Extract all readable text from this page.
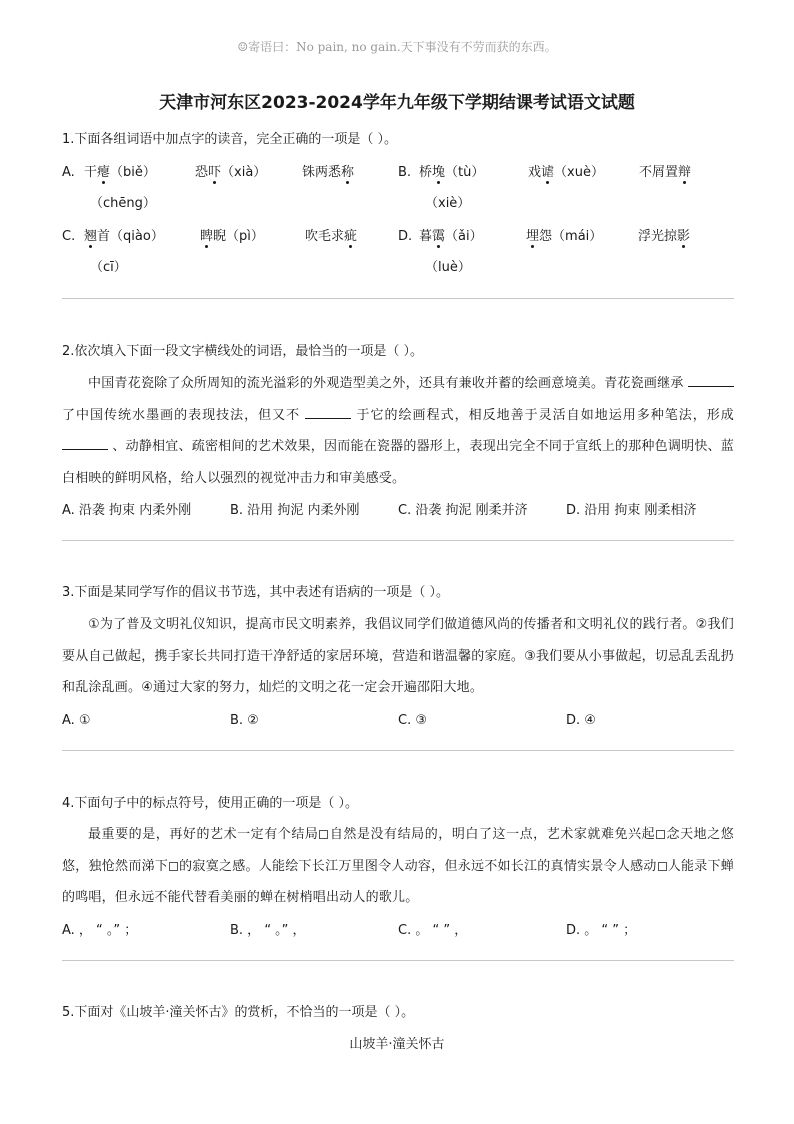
☺寄语曰：No pain, no gain.天下事没有不劳而获的东西。
天津市河东区2023-2024学年九年级下学期结课考试语文试题
1.下面各组词语中加点字的读音，完全正确的一项是（ ）。
A. 干瘪（biě）	恐吓（xià）	铢两悉称
（chēng）
B. 桥堍（tù）	戏谑（xuè）	不屑置辩
（xiè）
C. 翘首（qiào）	睥睨（pì）	吹毛求疵
（cī）
D. 暮霭（ǎi）	埋怨（mái）	浮光掠影
（luè）
2.依次填入下面一段文字横线处的词语，最恰当的一项是（ ）。
中国青花瓷除了众所周知的流光溢彩的外观造型美之外，还具有兼收并蓄的绘画意境美。青花瓷画继承  了中国传统水墨画的表现技法，但又不	于它的绘画程式，相反地善于灵活自如地运用多种笔法，形成  、动静相宜、疏密相间的艺术效果，因而能在瓷器的器形上，表现出完全不同于宣纸上的那种色调明快、蓝白相映的鲜明风格，给人以强烈的视觉冲击力和审美感受。
A. 沿袭 拘束 内柔外刚	B. 沿用 拘泥 内柔外刚	C. 沿袭 拘泥 刚柔并济	D. 沿用 拘束 刚柔相济
3.下面是某同学写作的倡议书节选，其中表述有语病的一项是（ ）。
①为了普及文明礼仪知识，提高市民文明素养，我倡议同学们做道德风尚的传播者和文明礼仪的践行者。②我们要从自己做起，携手家长共同打造干净舒适的家居环境，营造和谐温馨的家庭。③我们要从小事做起，切忌乱丢乱扔和乱涂乱画。④通过大家的努力，灿烂的文明之花一定会开遍邵阳大地。
A. ①	B. ②	C. ③	D. ④
4.下面句子中的标点符号，使用正确的一项是（ ）。
最重要的是，再好的艺术一定有个结局 自然是没有结局的，明白了这一点，艺术家就难免兴起 念天地之悠悠，独怆然而涕下 的寂寞之感。人能绘下长江万里图令人动容，但永远不如长江的真情实景令人感动 人能录下蝉的鸣唱，但永远不能代替看美丽的蝉在树梢唱出动人的歌儿。
A. ， “ 。” ；	B. ， “ 。” ，	C. 。 “ ” ，	D. 。 “ ” ；
5.下面对《山坡羊·潼关怀古》的赏析，不恰当的一项是（ ）。
山坡羊·潼关怀古
